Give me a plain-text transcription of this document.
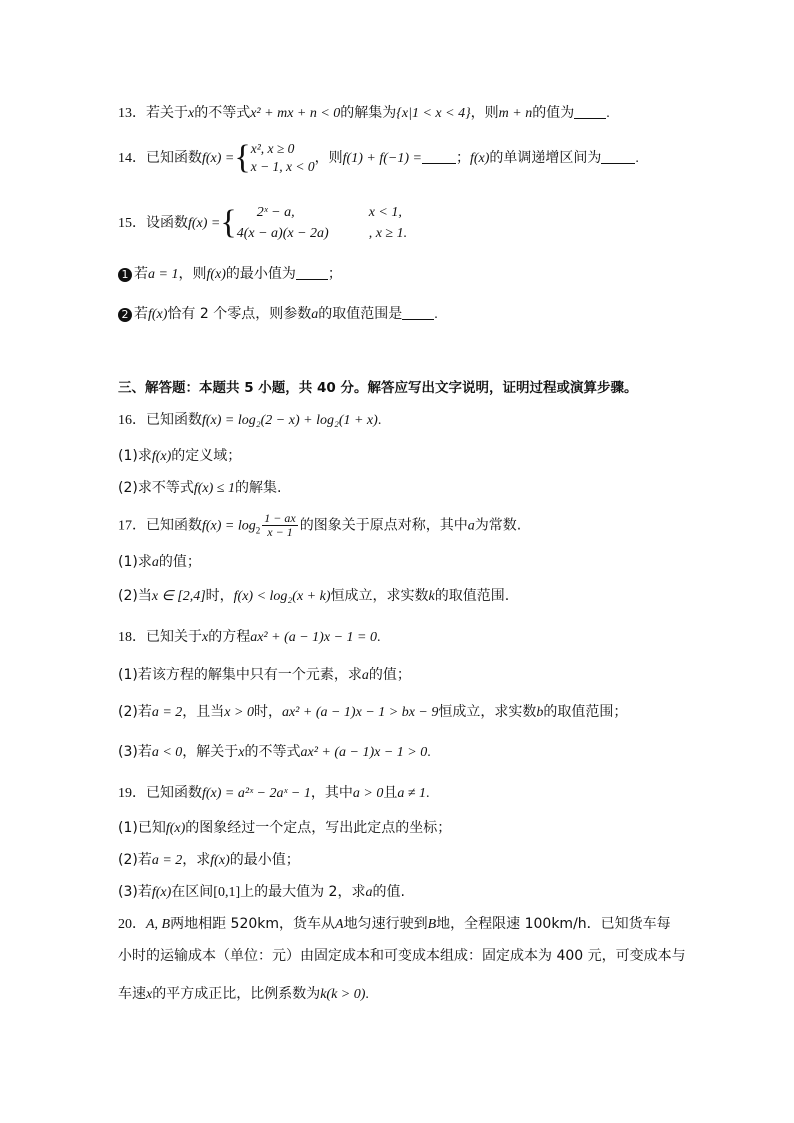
13．若关于x的不等式x² + mx + n < 0的解集为{x|1 < x < 4}，则m + n的值为 .
14．已知函数f(x) ={ x², x ≥ 0
x − 1, x < 0
，则f(1) + f(−1) = ；f(x)的单调递增区间为 .
15．设函数f(x) ={	2ˣ − a,	x < 1,
4(x − a)(x − 2a)	, x ≥ 1.
1 若a = 1，则f(x)的最小值为 ；
2 若f(x)恰有 2 个零点，则参数a的取值范围是 .
三、解答题：本题共 5 小题，共 40 分。解答应写出文字说明，证明过程或演算步骤。
16．已知函数f(x) = log₂(2 − x) + log₂(1 + x).
(1)求f(x)的定义域；
(2)求不等式f(x) ≤ 1的解集.
17．已知函数$f(x) = \log_2 \frac{1 - ax}{x - 1}$ 的图象关于原点对称，其中a为常数.
(1)求a的值；
(2)当x ∈ [2,4]时，f(x) < log₂(x + k)恒成立，求实数k的取值范围.
18．已知关于x的方程ax² + (a − 1)x − 1 = 0.
(1)若该方程的解集中只有一个元素，求a的值；
(2)若a = 2，且当x > 0时，ax² + (a − 1)x − 1 > bx − 9恒成立，求实数b的取值范围；
(3)若a < 0，解关于x的不等式ax² + (a − 1)x − 1 > 0.
19．已知函数f(x) = a²ˣ − 2aˣ − 1，其中a > 0且a ≠ 1.
(1)已知f(x)的图象经过一个定点，写出此定点的坐标；
(2)若a = 2，求f(x)的最小值；
(3)若f(x)在区间[0,1]上的最大值为 2，求a的值.
20．A, B两地相距 520km，货车从A地匀速行驶到B地，全程限速 100km/h．已知货车每
小时的运输成本（单位：元）由固定成本和可变成本组成：固定成本为 400 元，可变成本与
车速x的平方成正比，比例系数为k(k > 0).
